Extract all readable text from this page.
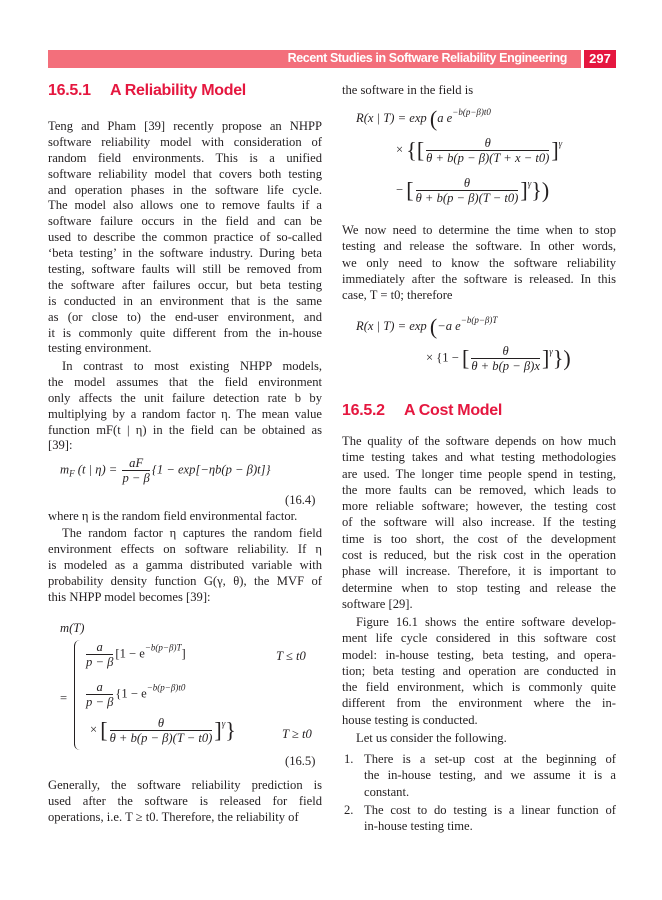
Recent Studies in Software Reliability Engineering	297
16.5.1 A Reliability Model
Teng and Pham [39] recently propose an NHPP
software reliability model with consideration of
random field environments. This is a unified
software reliability model that covers both testing
and operation phases in the software life cycle.
The model also allows one to remove faults if a
software failure occurs in the field and can be
used to describe the common practice of so-called
‘beta testing’ in the software industry. During beta
testing, software faults will still be removed from
the software after failures occur, but beta testing
is conducted in an environment that is the same
as (or close to) the end-user environment, and
it is commonly quite different from the in-house
testing environment.
In contrast to most existing NHPP models,
the model assumes that the field environment
only affects the unit failure detection rate b by
multiplying by a random factor η. The mean value
function mF(t | η) in the field can be obtained as
[39]:
$m_F$ (t | $\eta) = \frac{aF}{p - \beta} \{1 - \exp[-\eta b(p - \beta)t]\}$
(16.4)
where η is the random field environmental factor.
The random factor η captures the random field
environment effects on software reliability. If η
is modeled as a gamma distributed variable with
probability density function G(γ, θ), the MVF of
this NHPP model becomes [39]:
m(T)
=
$\frac{a}{p - \beta} [1 - e^{-b(p-\beta)T}]$	T ≤ t0
$\frac{a}{p - \beta} \{1 - e^{-b(p-\beta)t0}$
× [ $\frac{\theta}{\theta + b(p - \beta)(T - t0)} ]^\gamma$}	T ≥ t0
(16.5)
Generally, the software reliability prediction is
used after the software is released for field
operations, i.e. T ≥ t0. Therefore, the reliability of
the software in the field is
R(x | T) = exp (a $e^{-b(p-\beta)t0}$
× {[ $\frac{\theta}{\theta + b(p - \beta)(T + x - t0)} ]^\gamma$
− [ $\frac{\theta}{\theta + b(p - \beta)(T - t0)} ]^\gamma$})
We now need to determine the time when to stop
testing and release the software. In other words,
we only need to know the software reliability
immediately after the software is released. In this
case, T = t0; therefore
R(x | T) = exp (−a $e^{-b(p-\beta)T}$
× {1 − [ $\frac{\theta}{\theta + b(p - \beta)x} ]^\gamma$})
16.5.2 A Cost Model
The quality of the software depends on how much
time testing takes and what testing methodologies
are used. The longer time people spend in testing,
the more faults can be removed, which leads to
more reliable software; however, the testing cost
of the software will also increase. If the testing
time is too short, the cost of the development
cost is reduced, but the risk cost in the operation
phase will increase. Therefore, it is important to
determine when to stop testing and release the
software [29].
Figure 16.1 shows the entire software develop-
ment life cycle considered in this software cost
model: in-house testing, beta testing, and opera-
tion; beta testing and operation are conducted in
the field environment, which is commonly quite
different from the environment where the in-
house testing is conducted.
Let us consider the following.
1. There is a set-up cost at the beginning of
the in-house testing, and we assume it is a
constant.
2. The cost to do testing is a linear function of
in-house testing time.
